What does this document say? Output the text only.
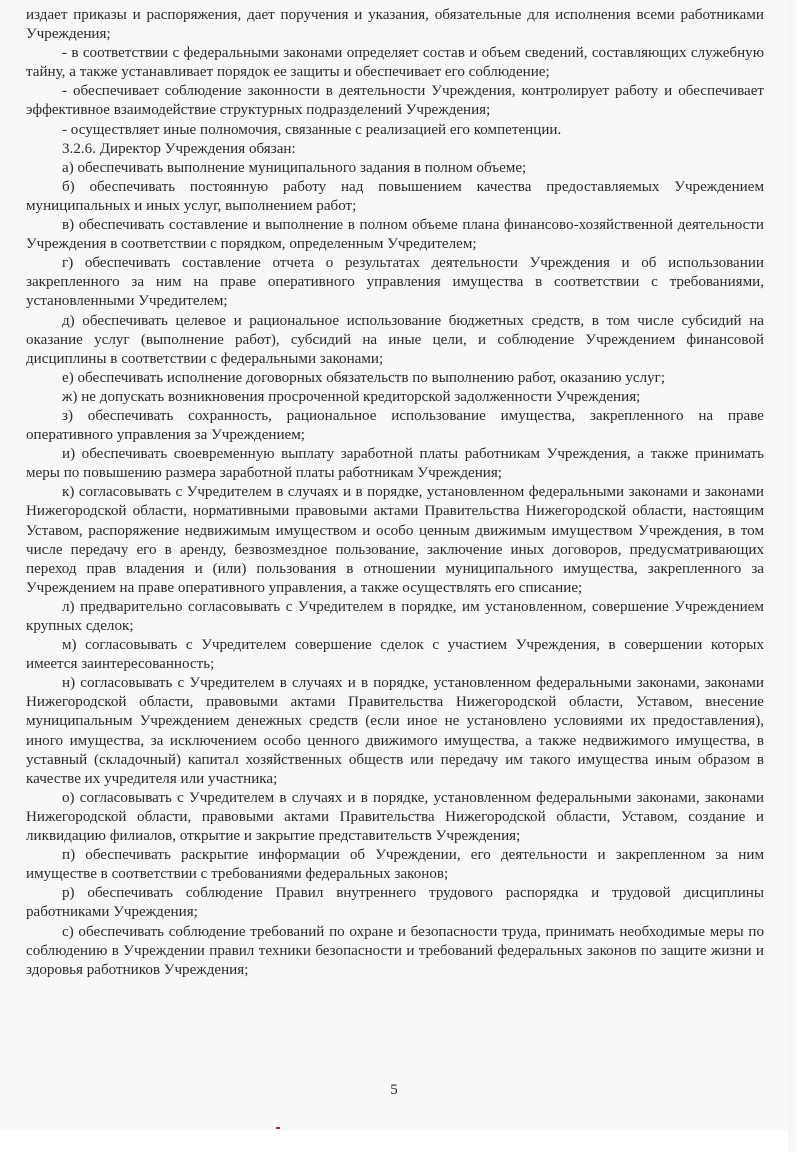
издает приказы и распоряжения, дает поручения и указания, обязательные для исполнения всеми работниками Учреждения;

- в соответствии с федеральными законами определяет состав и объем сведений, составляющих служебную тайну, а также устанавливает порядок ее защиты и обеспечивает его соблюдение;

- обеспечивает соблюдение законности в деятельности Учреждения, контролирует работу и обеспечивает эффективное взаимодействие структурных подразделений Учреждения;

- осуществляет иные полномочия, связанные с реализацией его компетенции.

3.2.6. Директор Учреждения обязан:

а) обеспечивать выполнение муниципального задания в полном объеме;

б) обеспечивать постоянную работу над повышением качества предоставляемых Учреждением муниципальных и иных услуг, выполнением работ;

в) обеспечивать составление и выполнение в полном объеме плана финансово-хозяйственной деятельности Учреждения в соответствии с порядком, определенным Учредителем;

г) обеспечивать составление отчета о результатах деятельности Учреждения и об использовании закрепленного за ним на праве оперативного управления имущества в соответствии с требованиями, установленными Учредителем;

д) обеспечивать целевое и рациональное использование бюджетных средств, в том числе субсидий на оказание услуг (выполнение работ), субсидий на иные цели, и соблюдение Учреждением финансовой дисциплины в соответствии с федеральными законами;

е) обеспечивать исполнение договорных обязательств по выполнению работ, оказанию услуг;

ж) не допускать возникновения просроченной кредиторской задолженности Учреждения;

з) обеспечивать сохранность, рациональное использование имущества, закрепленного на праве оперативного управления за Учреждением;

и) обеспечивать своевременную выплату заработной платы работникам Учреждения, а также принимать меры по повышению размера заработной платы работникам Учреждения;

к) согласовывать с Учредителем в случаях и в порядке, установленном федеральными законами и законами Нижегородской области, нормативными правовыми актами Правительства Нижегородской области, настоящим Уставом, распоряжение недвижимым имуществом и особо ценным движимым имуществом Учреждения, в том числе передачу его в аренду, безвозмездное пользование, заключение иных договоров, предусматривающих переход прав владения и (или) пользования в отношении муниципального имущества, закрепленного за Учреждением на праве оперативного управления, а также осуществлять его списание;

л) предварительно согласовывать с Учредителем в порядке, им установленном, совершение Учреждением крупных сделок;

м) согласовывать с Учредителем совершение сделок с участием Учреждения, в совершении которых имеется заинтересованность;

н) согласовывать с Учредителем в случаях и в порядке, установленном федеральными законами, законами Нижегородской области, правовыми актами Правительства Нижегородской области, Уставом, внесение муниципальным Учреждением денежных средств (если иное не установлено условиями их предоставления), иного имущества, за исключением особо ценного движимого имущества, а также недвижимого имущества, в уставный (складочный) капитал хозяйственных обществ или передачу им такого имущества иным образом в качестве их учредителя или участника;

о) согласовывать с Учредителем в случаях и в порядке, установленном федеральными законами, законами Нижегородской области, правовыми актами Правительства Нижегородской области, Уставом, создание и ликвидацию филиалов, открытие и закрытие представительств Учреждения;

п) обеспечивать раскрытие информации об Учреждении, его деятельности и закрепленном за ним имуществе в соответствии с требованиями федеральных законов;

р) обеспечивать соблюдение Правил внутреннего трудового распорядка и трудовой дисциплины работниками Учреждения;

с) обеспечивать соблюдение требований по охране и безопасности труда, принимать необходимые меры по соблюдению в Учреждении правил техники безопасности и требований федеральных законов по защите жизни и здоровья работников Учреждения;

5
